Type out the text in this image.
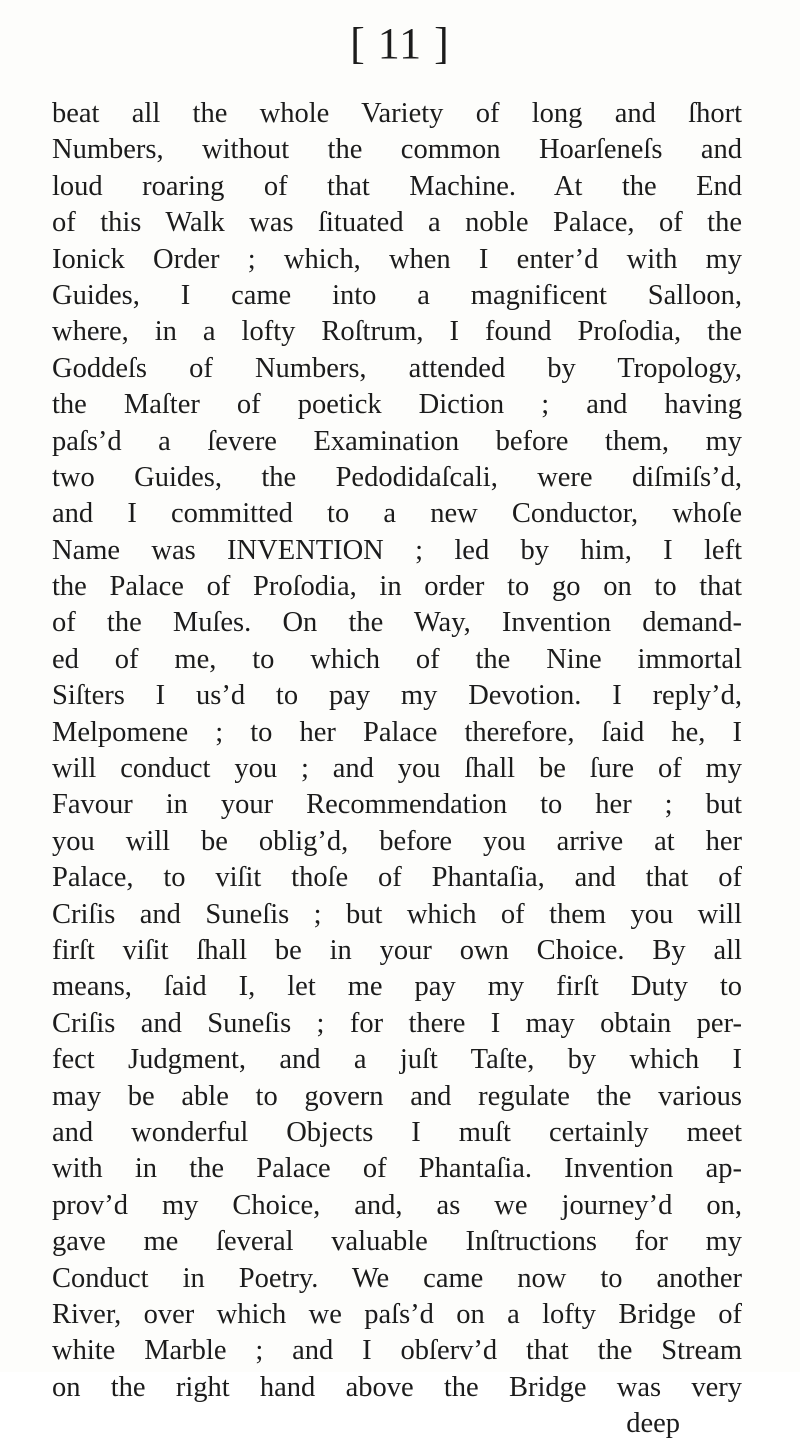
[ 11 ]
beat all the whole Variety of long and ſhort
Numbers, without the common Hoarſeneſs and
loud roaring of that Machine. At the End
of this Walk was ſituated a noble Palace, of the
Ionick Order ; which, when I enter’d with my
Guides, I came into a magnificent Salloon,
where, in a lofty Roſtrum, I found Proſodia, the
Goddeſs of Numbers, attended by Tropology,
the Maſter of poetick Diction ; and having
paſs’d a ſevere Examination before them, my
two Guides, the Pedodidaſcali, were diſmiſs’d,
and I committed to a new Conductor, whoſe
Name was INVENTION ; led by him, I left
the Palace of Proſodia, in order to go on to that
of the Muſes. On the Way, Invention demand-
ed of me, to which of the Nine immortal
Siſters I us’d to pay my Devotion. I reply’d,
Melpomene ; to her Palace therefore, ſaid he, I
will conduct you ; and you ſhall be ſure of my
Favour in your Recommendation to her ; but
you will be oblig’d, before you arrive at her
Palace, to viſit thoſe of Phantaſia, and that of
Criſis and Suneſis ; but which of them you will
firſt viſit ſhall be in your own Choice. By all
means, ſaid I, let me pay my firſt Duty to
Criſis and Suneſis ; for there I may obtain per-
fect Judgment, and a juſt Taſte, by which I
may be able to govern and regulate the various
and wonderful Objects I muſt certainly meet
with in the Palace of Phantaſia. Invention ap-
prov’d my Choice, and, as we journey’d on,
gave me ſeveral valuable Inſtructions for my
Conduct in Poetry. We came now to another
River, over which we paſs’d on a lofty Bridge of
white Marble ; and I obſerv’d that the Stream
on the right hand above the Bridge was very
deep
